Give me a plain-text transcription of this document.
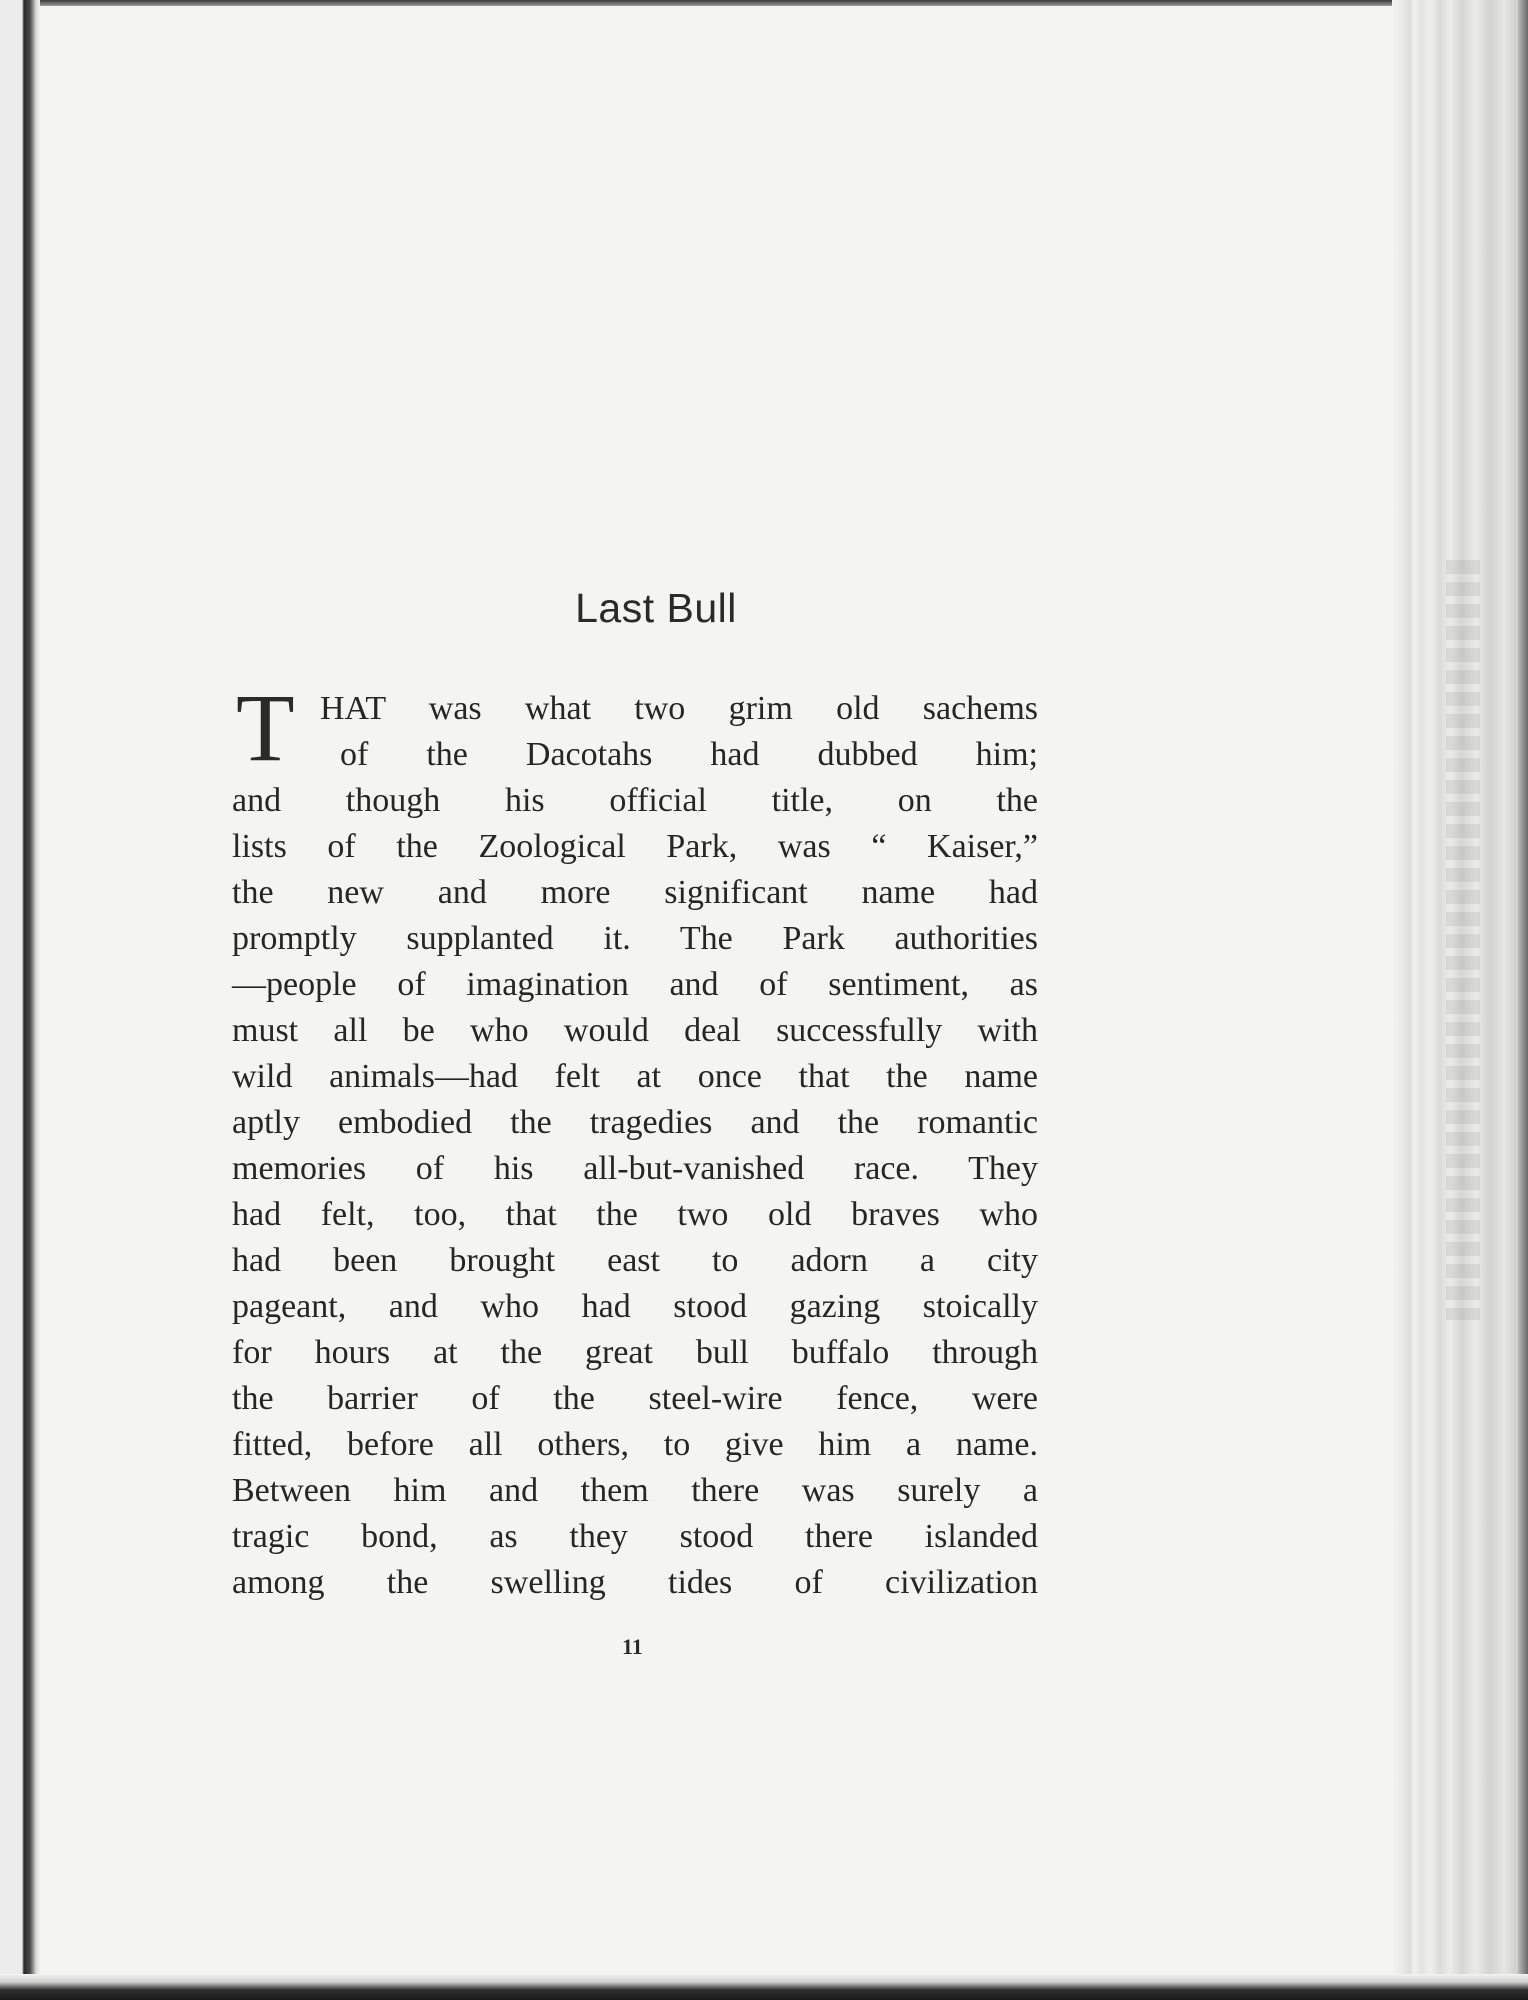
Last Bull
T HAT was what two grim old sachems
of the Dacotahs had dubbed him;
and though his official title, on the
lists of the Zoological Park, was “ Kaiser,”
the new and more significant name had
promptly supplanted it. The Park authorities
—people of imagination and of sentiment, as
must all be who would deal successfully with
wild animals—had felt at once that the name
aptly embodied the tragedies and the romantic
memories of his all-but-vanished race. They
had felt, too, that the two old braves who
had been brought east to adorn a city
pageant, and who had stood gazing stoically
for hours at the great bull buffalo through
the barrier of the steel-wire fence, were
fitted, before all others, to give him a name.
Between him and them there was surely a
tragic bond, as they stood there islanded
among the swelling tides of civilization
11
